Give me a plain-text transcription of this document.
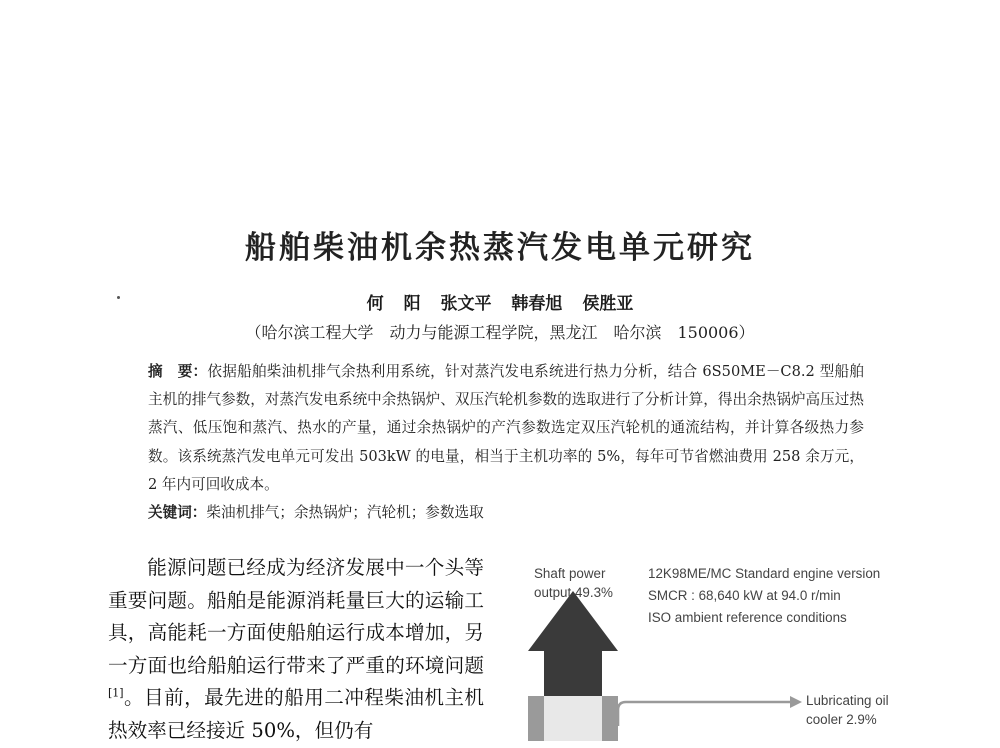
船舶柴油机余热蒸汽发电单元研究
何 阳 张文平 韩春旭 侯胜亚
（哈尔滨工程大学　动力与能源工程学院，黑龙江　哈尔滨　150006）
摘　要：依据船舶柴油机排气余热利用系统，针对蒸汽发电系统进行热力分析，结合 6S50ME－C8.2 型船舶主机的排气参数，对蒸汽发电系统中余热锅炉、双压汽轮机参数的选取进行了分析计算，得出余热锅炉高压过热蒸汽、低压饱和蒸汽、热水的产量，通过余热锅炉的产汽参数选定双压汽轮机的通流结构，并计算各级热力参数。该系统蒸汽发电单元可发出 503kW 的电量，相当于主机功率的 5%，每年可节省燃油费用 258 余万元，2 年内可回收成本。
关键词：柴油机排气；余热锅炉；汽轮机；参数选取
能源问题已经成为经济发展中一个头等重要问题。船舶是能源消耗量巨大的运输工具，高能耗一方面使船舶运行成本增加，另一方面也给船舶运行带来了严重的环境问题[1]。目前，最先进的船用二冲程柴油机主机热效率已经接近 50%，但仍有
Shaft power
output 49.3%
12K98ME/MC Standard engine version
SMCR : 68,640 kW at 94.0 r/min
ISO ambient reference conditions
Lubricating oil
cooler 2.9%
